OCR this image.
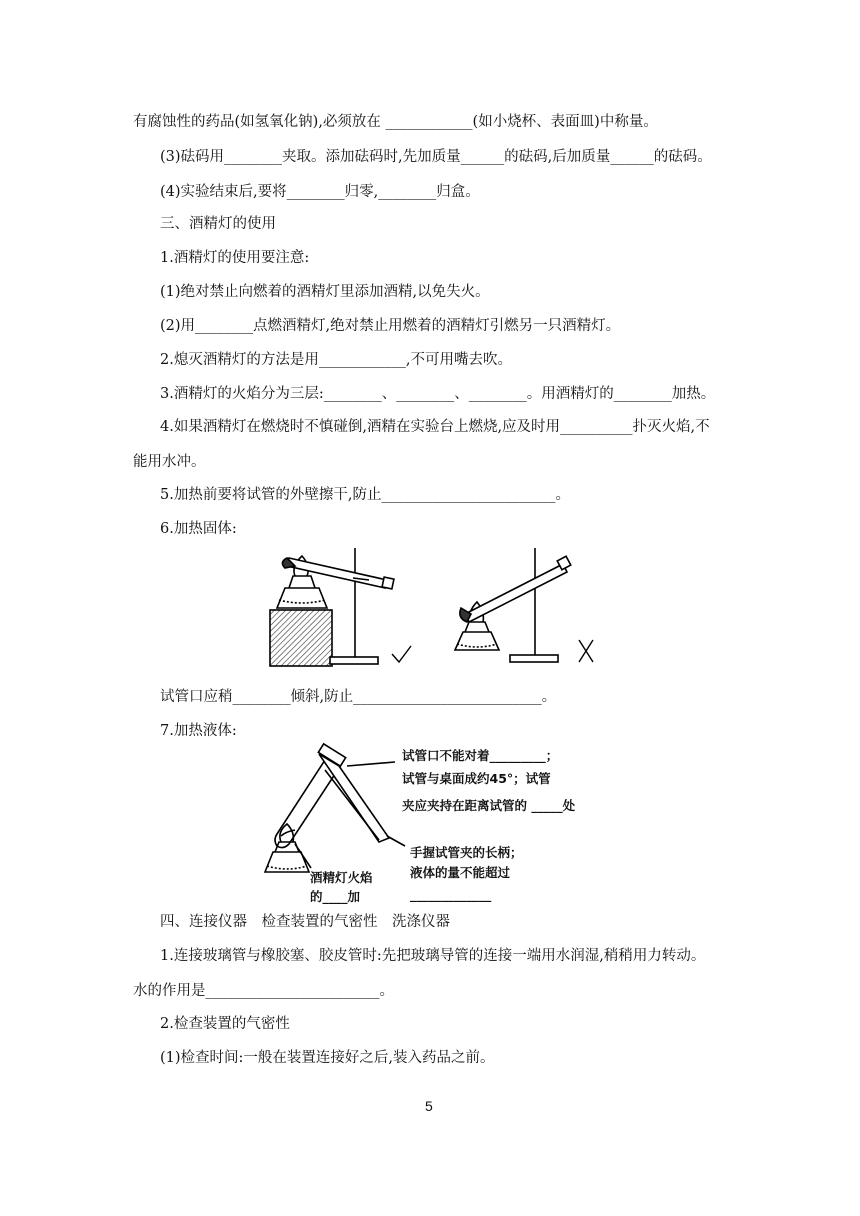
有腐蚀性的药品(如氢氧化钠),必须放在 ____________(如小烧杯、表面皿)中称量。
(3)砝码用________夹取。添加砝码时,先加质量______的砝码,后加质量______的砝码。
(4)实验结束后,要将________归零,________归盒。
三、酒精灯的使用
1.酒精灯的使用要注意:
(1)绝对禁止向燃着的酒精灯里添加酒精,以免失火。
(2)用________点燃酒精灯,绝对禁止用燃着的酒精灯引燃另一只酒精灯。
2.熄灭酒精灯的方法是用____________,不可用嘴去吹。
3.酒精灯的火焰分为三层:________、________、________。用酒精灯的________加热。
4.如果酒精灯在燃烧时不慎碰倒,酒精在实验台上燃烧,应及时用__________扑灭火焰,不
能用水冲。
5.加热前要将试管的外壁擦干,防止________________________。
6.加热固体:
试管口应稍________倾斜,防止__________________________。
7.加热液体:
试管口不能对着_________；
试管与桌面成约45°；试管
夹应夹持在距离试管的 _____处
手握试管夹的长柄；
液体的量不能超过
_____________
酒精灯火焰
的____加
四、连接仪器　检查装置的气密性　洗涤仪器
1.连接玻璃管与橡胶塞、胶皮管时:先把玻璃导管的连接一端用水润湿,稍稍用力转动。
水的作用是________________________。
2.检查装置的气密性
(1)检查时间:一般在装置连接好之后,装入药品之前。
5
